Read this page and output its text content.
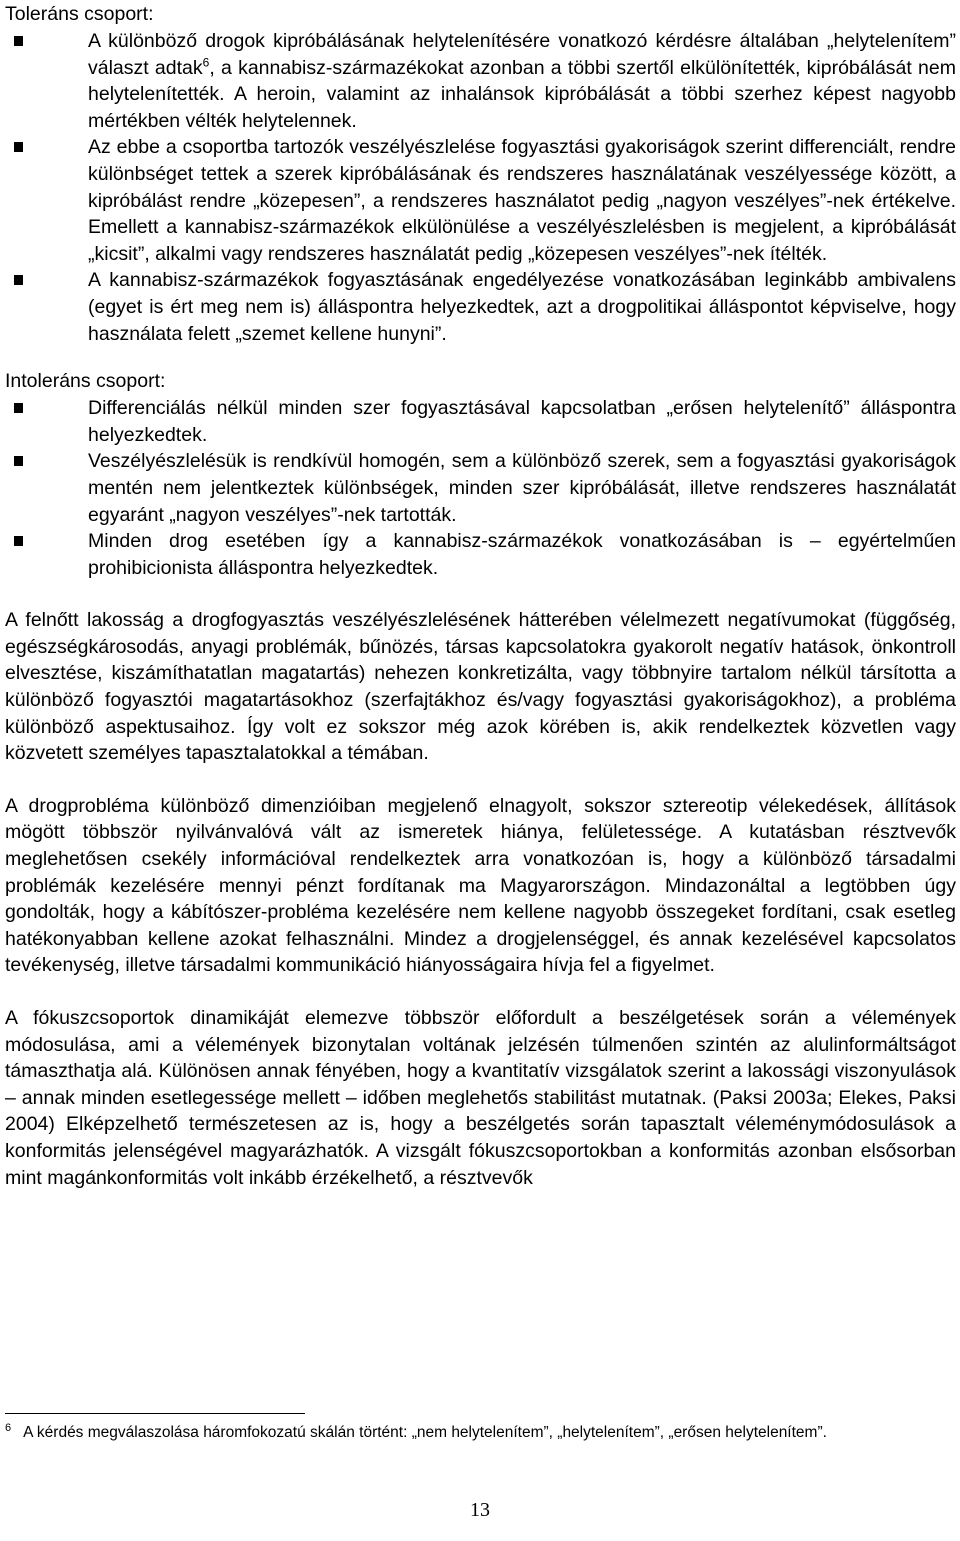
Toleráns csoport:

A különböző drogok kipróbálásának helytelenítésére vonatkozó kérdésre általában „helytelenítem” választ adtak$^6$, a kannabisz-származékokat azonban a többi szertől elkülönítették, kipróbálását nem helytelenítették. A heroin, valamint az inhalánsok kipróbálását a többi szerhez képest nagyobb mértékben vélték helytelennek.
Az ebbe a csoportba tartozók veszélyészlelése fogyasztási gyakoriságok szerint differenciált, rendre különbséget tettek a szerek kipróbálásának és rendszeres használatának veszélyessége között, a kipróbálást rendre „közepesen”, a rendszeres használatot pedig „nagyon veszélyes”-nek értékelve. Emellett a kannabisz-származékok elkülönülése a veszélyészlelésben is megjelent, a kipróbálását „kicsit”, alkalmi vagy rendszeres használatát pedig „közepesen veszélyes”-nek ítélték.
A kannabisz-származékok fogyasztásának engedélyezése vonatkozásában leginkább ambivalens (egyet is ért meg nem is) álláspontra helyezkedtek, azt a drogpolitikai álláspontot képviselve, hogy használata felett „szemet kellene hunyni”.

Intoleráns csoport:

Differenciálás nélkül minden szer fogyasztásával kapcsolatban „erősen helytelenítő” álláspontra helyezkedtek.
Veszélyészlelésük is rendkívül homogén, sem a különböző szerek, sem a fogyasztási gyakoriságok mentén nem jelentkeztek különbségek, minden szer kipróbálását, illetve rendszeres használatát egyaránt „nagyon veszélyes”-nek tartották.
Minden drog esetében így a kannabisz-származékok vonatkozásában is – egyértelműen prohibicionista álláspontra helyezkedtek.

A felnőtt lakosság a drogfogyasztás veszélyészlelésének hátterében vélelmezett negatívumokat (függőség, egészségkárosodás, anyagi problémák, bűnözés, társas kapcsolatokra gyakorolt negatív hatások, önkontroll elvesztése, kiszámíthatatlan magatartás) nehezen konkretizálta, vagy többnyire tartalom nélkül társította a különböző fogyasztói magatartásokhoz (szerfajtákhoz és/vagy fogyasztási gyakoriságokhoz), a probléma különböző aspektusaihoz. Így volt ez sokszor még azok körében is, akik rendelkeztek közvetlen vagy közvetett személyes tapasztalatokkal a témában.

A drogprobléma különböző dimenzióiban megjelenő elnagyolt, sokszor sztereotip vélekedések, állítások mögött többször nyilvánvalóvá vált az ismeretek hiánya, felületessége. A kutatásban résztvevők meglehetősen csekély információval rendelkeztek arra vonatkozóan is, hogy a különböző társadalmi problémák kezelésére mennyi pénzt fordítanak ma Magyarországon. Mindazonáltal a legtöbben úgy gondolták, hogy a kábítószer-probléma kezelésére nem kellene nagyobb összegeket fordítani, csak esetleg hatékonyabban kellene azokat felhasználni. Mindez a drogjelenséggel, és annak kezelésével kapcsolatos tevékenység, illetve társadalmi kommunikáció hiányosságaira hívja fel a figyelmet.

A fókuszcsoportok dinamikáját elemezve többször előfordult a beszélgetések során a vélemények módosulása, ami a vélemények bizonytalan voltának jelzésén túlmenően szintén az alulinformáltságot támaszthatja alá. Különösen annak fényében, hogy a kvantitatív vizsgálatok szerint a lakossági viszonyulások – annak minden esetlegessége mellett – időben meglehetős stabilitást mutatnak. (Paksi 2003a; Elekes, Paksi 2004) Elképzelhető természetesen az is, hogy a beszélgetés során tapasztalt véleménymódosulások a konformitás jelenségével magyarázhatók. A vizsgált fókuszcsoportokban a konformitás azonban elsősorban mint magánkonformitás volt inkább érzékelhető, a résztvevők

$^6$ A kérdés megválaszolása háromfokozatú skálán történt: „nem helytelenítem”, „helytelenítem”, „erősen helytelenítem”.

13
